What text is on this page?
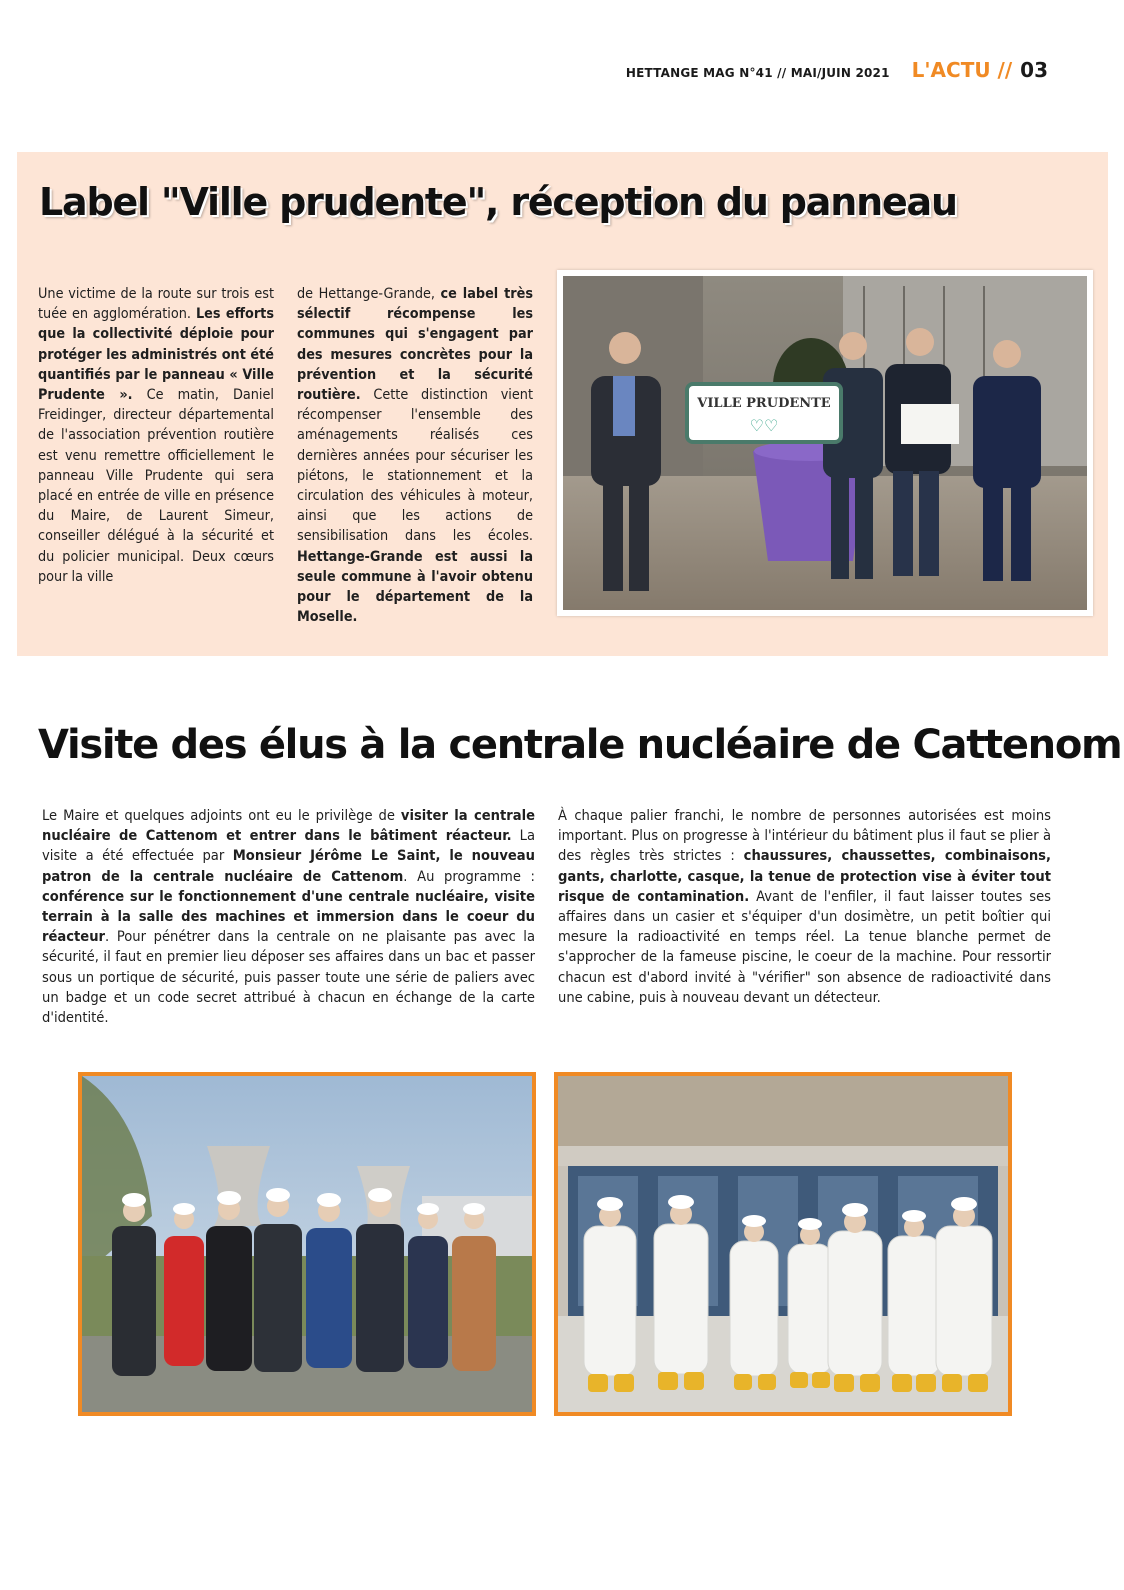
HETTANGE MAG N°41 // MAI/JUIN 2021 L'ACTU // 03
Label "Ville prudente", réception du panneau
Une victime de la route sur trois est tuée en agglomération. Les efforts que la collectivité déploie pour protéger les administrés ont été quantifiés par le panneau « Ville Prudente ». Ce matin, Daniel Freidinger, directeur départemental de l'association prévention routière est venu remettre officiellement le panneau Ville Prudente qui sera placé en entrée de ville en présence du Maire, de Laurent Simeur, conseiller délégué à la sécurité et du policier municipal. Deux cœurs pour la ville
de Hettange-Grande, ce label très sélectif récompense les communes qui s'engagent par des mesures concrètes pour la prévention et la sécurité routière. Cette distinction vient récompenser l'ensemble des aménagements réalisés ces dernières années pour sécuriser les piétons, le stationnement et la circulation des véhicules à moteur, ainsi que les actions de sensibilisation dans les écoles. Hettange-Grande est aussi la seule commune à l'avoir obtenu pour le département de la Moselle.
VILLE PRUDENTE
♡♡
Visite des élus à la centrale nucléaire de Cattenom
Le Maire et quelques adjoints ont eu le privilège de visiter la centrale nucléaire de Cattenom et entrer dans le bâtiment réacteur. La visite a été effectuée par Monsieur Jérôme Le Saint, le nouveau patron de la centrale nucléaire de Cattenom. Au programme : conférence sur le fonctionnement d'une centrale nucléaire, visite terrain à la salle des machines et immersion dans le coeur du réacteur. Pour pénétrer dans la centrale on ne plaisante pas avec la sécurité, il faut en premier lieu déposer ses affaires dans un bac et passer sous un portique de sécurité, puis passer toute une série de paliers avec un badge et un code secret attribué à chacun en échange de la carte d'identité.
À chaque palier franchi, le nombre de personnes autorisées est moins important. Plus on progresse à l'intérieur du bâtiment plus il faut se plier à des règles très strictes : chaussures, chaussettes, combinaisons, gants, charlotte, casque, la tenue de protection vise à éviter tout risque de contamination. Avant de l'enfiler, il faut laisser toutes ses affaires dans un casier et s'équiper d'un dosimètre, un petit boîtier qui mesure la radioactivité en temps réel. La tenue blanche permet de s'approcher de la fameuse piscine, le coeur de la machine. Pour ressortir chacun est d'abord invité à "vérifier" son absence de radioactivité dans une cabine, puis à nouveau devant un détecteur.
